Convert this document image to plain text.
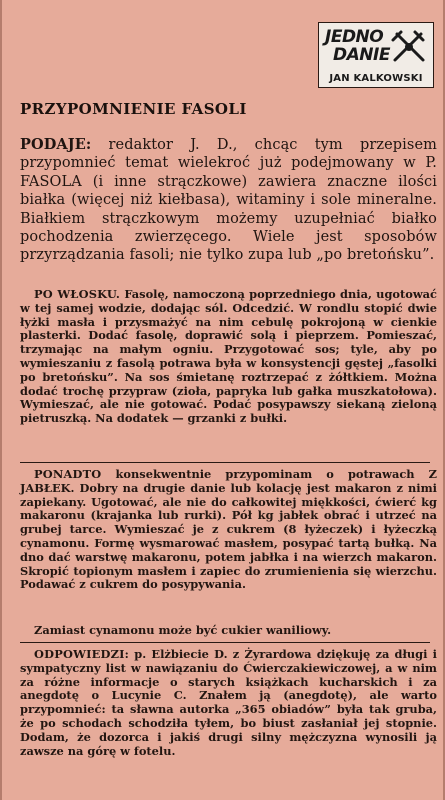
JEDNO
DANIE
JAN KALKOWSKI
PRZYPOMNIENIE FASOLI
PODAJE: redaktor J. D., chcąc tym przepisem przypomnieć temat wielekroć już podejmowany w P. FASOLA (i inne strączkowe) zawiera znaczne ilości białka (więcej niż kiełbasa), witaminy i sole mineralne. Białkiem strączkowym możemy uzupełniać białko pochodzenia zwierzęcego. Wiele jest sposobów przyrządzania fasoli; nie tylko zupa lub „po bretońsku”.
PO WŁOSKU. Fasolę, namoczoną poprzedniego dnia, ugotować w tej samej wodzie, dodając sól. Odcedzić. W rondlu stopić dwie łyżki masła i przysmażyć na nim cebulę pokrojoną w cienkie plasterki. Dodać fasolę, doprawić solą i pieprzem. Pomieszać, trzymając na małym ogniu. Przygotować sos; tyle, aby po wymieszaniu z fasolą potrawa była w konsystencji gęstej „fasolki po bretońsku”. Na sos śmietanę roztrzepać z żółtkiem. Można dodać trochę przypraw (zioła, papryka lub gałka muszkatołowa). Wymieszać, ale nie gotować. Podać posypawszy siekaną zieloną pietruszką. Na dodatek — grzanki z bułki.
PONADTO konsekwentnie przypominam o potrawach Z JABŁEK. Dobry na drugie danie lub kolację jest makaron z nimi zapiekany. Ugotować, ale nie do całkowitej miękkości, ćwierć kg makaronu (krajanka lub rurki). Pół kg jabłek obrać i utrzeć na grubej tarce. Wymieszać je z cukrem (8 łyżeczek) i łyżeczką cynamonu. Formę wysmarować masłem, posypać tartą bułką. Na dno dać warstwę makaronu, potem jabłka i na wierzch makaron. Skropić topionym masłem i zapiec do zrumienienia się wierzchu. Podawać z cukrem do posypywania.
Zamiast cynamonu może być cukier waniliowy.
ODPOWIEDZI: p. Elżbiecie D. z Żyrardowa dziękuję za długi i sympatyczny list w nawiązaniu do Ćwierczakiewiczowej, a w nim za różne informacje o starych książkach kucharskich i za anegdotę o Lucynie C. Znałem ją (anegdotę), ale warto przypomnieć: ta sławna autorka „365 obiadów” była tak gruba, że po schodach schodziła tyłem, bo biust zasłaniał jej stopnie. Dodam, że dozorca i jakiś drugi silny mężczyzna wynosili ją zawsze na górę w fotelu.
